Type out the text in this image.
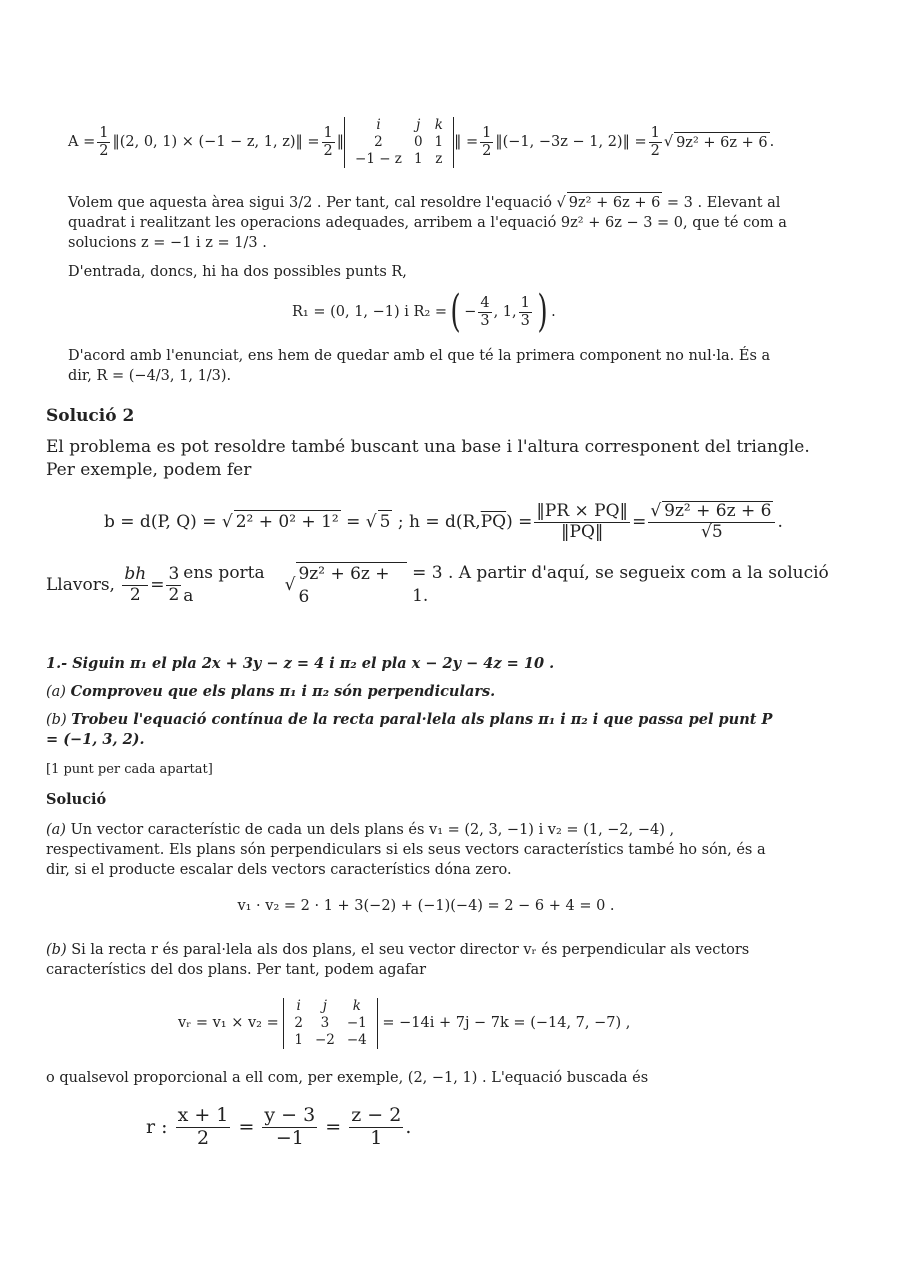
$A = \frac{1}{2}$ ‖(2, 0, 1) × (−1 − z, 1, z)‖ = $\frac{1}{2}$ ‖
i	j	k
2	0	1
−1 − z	1	z
‖ = $\frac{1}{2}$ ‖(−1, −3z − 1, 2)‖ = $\frac{1}{2}$ √ 9z² + 6z + 6 .

Volem que aquesta àrea sigui 3/2 . Per tant, cal resoldre l'equació √ 9z² + 6z + 6 = 3 . Elevant al quadrat i realitzant les operacions adequades, arribem a l'equació 9z² + 6z − 3 = 0, que té com a solucions z = −1 i z = 1/3 .

D'entrada, doncs, hi ha dos possibles punts R,

R₁ = (0, 1, −1) i R₂ = ( − $\frac{4}{3}$ , 1, $\frac{1}{3}$ ) .

D'acord amb l'enunciat, ens hem de quedar amb el que té la primera component no nul·la. És a dir, R = (−4/3, 1, 1/3).

Solució 2

El problema es pot resoldre també buscant una base i l'altura corresponent del triangle. Per exemple, podem fer

b = d(P, Q) = √ 2² + 0² + 1²
= √ 5
; h = d(R, $\overline{PQ}$ ) = $\frac{‖PR \times PQ‖}{‖PQ‖} = \frac{\text{√ 9z² + 6z + 6}}{√5}$ .
Llavors,
$\frac{bh}{2} = \frac{3}{2}$ ens porta a
√
9z² + 6z + 6

= 3 . A partir d'aquí, se segueix com a la solució 1.

1.- Siguin π₁ el pla 2x + 3y − z = 4 i π₂ el pla x − 2y − 4z = 10 .

(a) Comproveu que els plans π₁ i π₂ són perpendiculars.

(b) Trobeu l'equació contínua de la recta paral·lela als plans π₁ i π₂ i que passa pel punt P = (−1, 3, 2).

[1 punt per cada apartat]

Solució

(a) Un vector característic de cada un dels plans és v₁ = (2, 3, −1) i v₂ = (1, −2, −4) , respectivament. Els plans són perpendiculars si els seus vectors característics també ho són, és a dir, si el producte escalar dels vectors característics dóna zero.

v₁ · v₂ = 2 · 1 + 3(−2) + (−1)(−4) = 2 − 6 + 4 = 0 .

(b) Si la recta r és paral·lela als dos plans, el seu vector director vᵣ és perpendicular als vectors característics del dos plans. Per tant, podem agafar

vᵣ = v₁ × v₂ =

i	j	k
2	3	−1
1	−2	−4

= −14i + 7j − 7k = (−14, 7, −7) ,

o qualsevol proporcional a ell com, per exemple, (2, −1, 1) . L'equació buscada és

r :
$\frac{x + 1}{2}$
=
$\frac{y - 3}{-1}$
=
$\frac{z - 2}{1}$ .
